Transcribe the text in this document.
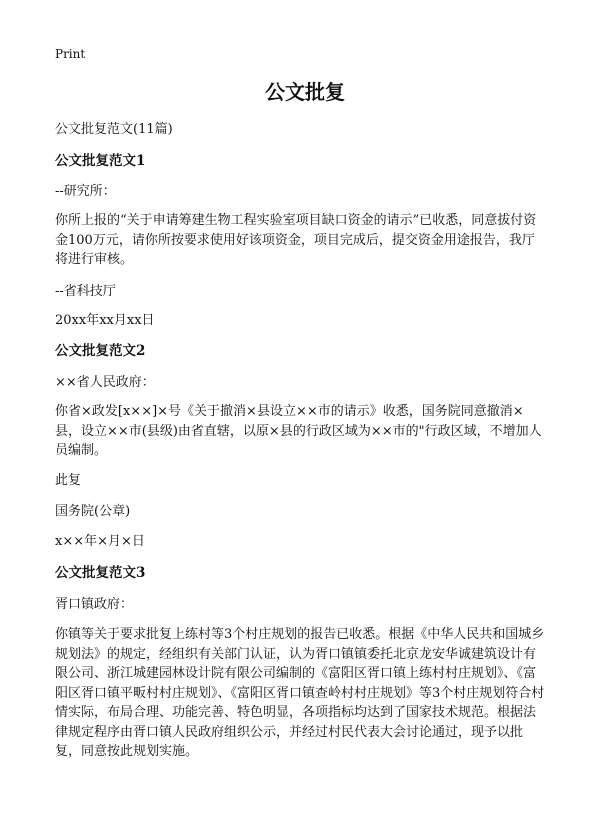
Print
公文批复

公文批复范文(11篇)

公文批复范文1

--研究所：

你所上报的“关于申请筹建生物工程实验室项目缺口资金的请示”已收悉，同意拔付资金100万元，请你所按要求使用好该项资金，项目完成后，提交资金用途报告，我厅将进行审核。

--省科技厅

20xx年xx月xx日

公文批复范文2

××省人民政府：

你省×政发[x××]×号《关于撤消×县设立××市的请示》收悉，国务院同意撤消×县，设立××市(县级)由省直辖，以原×县的行政区域为××市的"行政区域，不增加人员编制。

此复

国务院(公章)

x××年×月×日

公文批复范文3

胥口镇政府：

你镇等关于要求批复上练村等3个村庄规划的报告已收悉。根据《中华人民共和国城乡规划法》的规定，经组织有关部门认证，认为胥口镇镇委托北京龙安华诚建筑设计有限公司、浙江城建园林设计院有限公司编制的《富阳区胥口镇上练村村庄规划》、《富阳区胥口镇平畈村村庄规划》、《富阳区胥口镇查岭村村庄规划》等3个村庄规划符合村情实际，布局合理、功能完善、特色明显，各项指标均达到了国家技术规范。根据法律规定程序由胥口镇人民政府组织公示，并经过村民代表大会讨论通过，现予以批复，同意按此规划实施。
